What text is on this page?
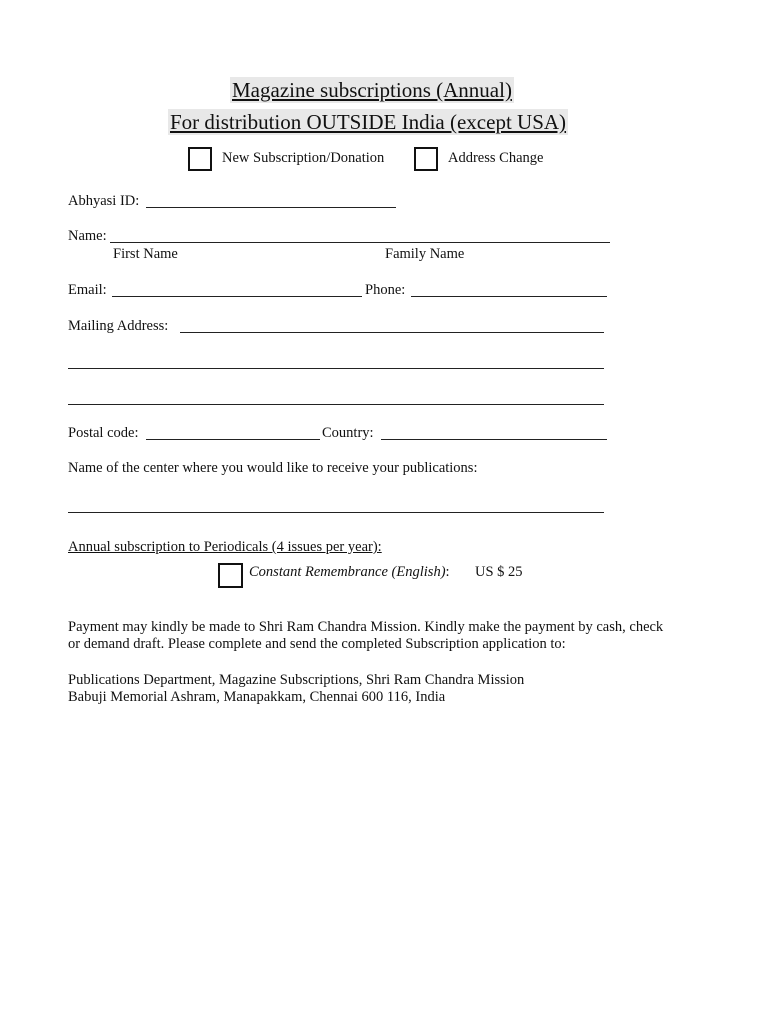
Magazine subscriptions (Annual)
For distribution OUTSIDE India (except USA)
New Subscription/Donation	Address Change
Abhyasi ID:
Name:
First Name	Family Name
Email:	Phone:
Mailing Address:
Postal code:	Country:
Name of the center where you would like to receive your publications:
Annual subscription to Periodicals (4 issues per year):
Constant Remembrance (English): US $ 25
Payment may kindly be made to Shri Ram Chandra Mission. Kindly make the payment by cash, check
or demand draft. Please complete and send the completed Subscription application to:
Publications Department, Magazine Subscriptions, Shri Ram Chandra Mission
Babuji Memorial Ashram, Manapakkam, Chennai 600 116, India
